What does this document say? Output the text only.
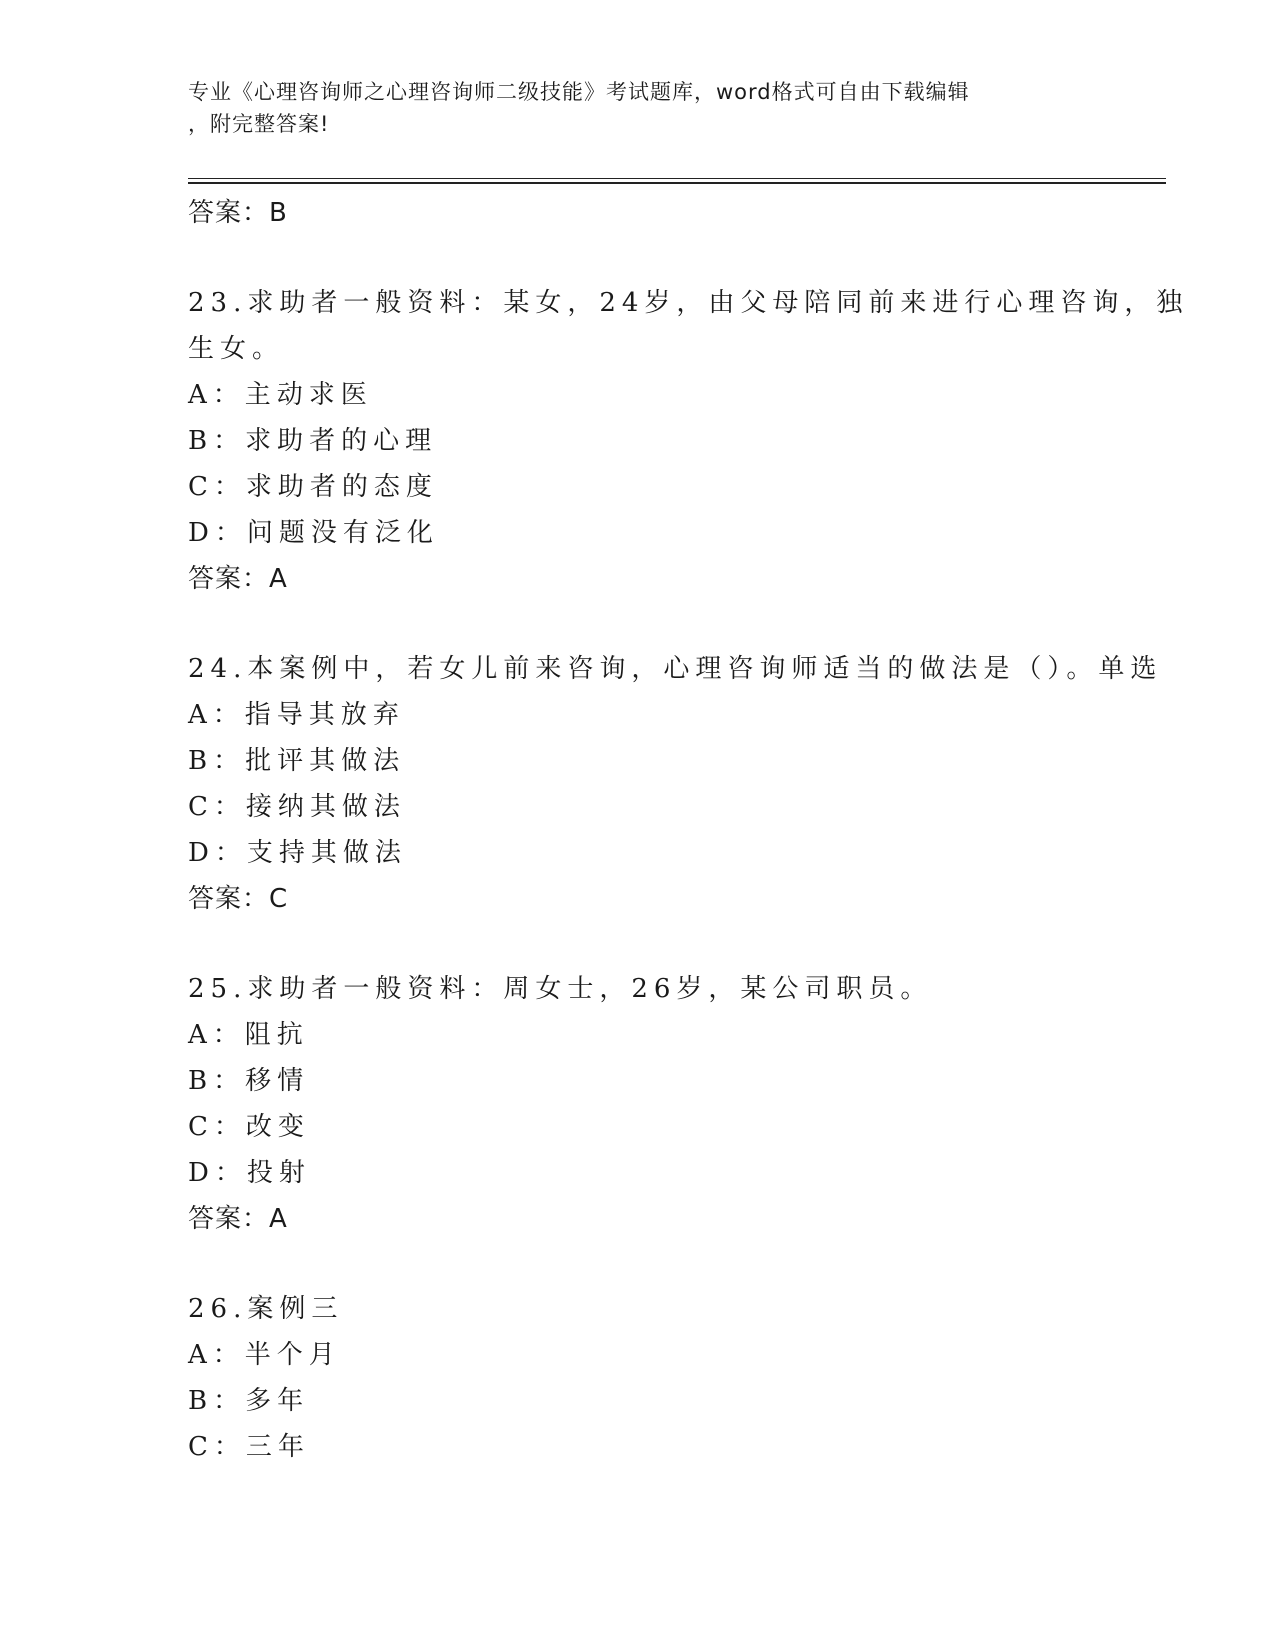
专业《心理咨询师之心理咨询师二级技能》考试题库，word格式可自由下载编辑
，附完整答案!
答案：B
23.求助者一般资料：某女，24岁，由父母陪同前来进行心理咨询，独
生女。
A：主动求医
B：求助者的心理
C：求助者的态度
D：问题没有泛化
答案：A
24.本案例中，若女儿前来咨询，心理咨询师适当的做法是（）。单选
A：指导其放弃
B：批评其做法
C：接纳其做法
D：支持其做法
答案：C
25.求助者一般资料：周女士，26岁，某公司职员。
A：阻抗
B：移情
C：改变
D：投射
答案：A
26.案例三
A：半个月
B：多年
C：三年
